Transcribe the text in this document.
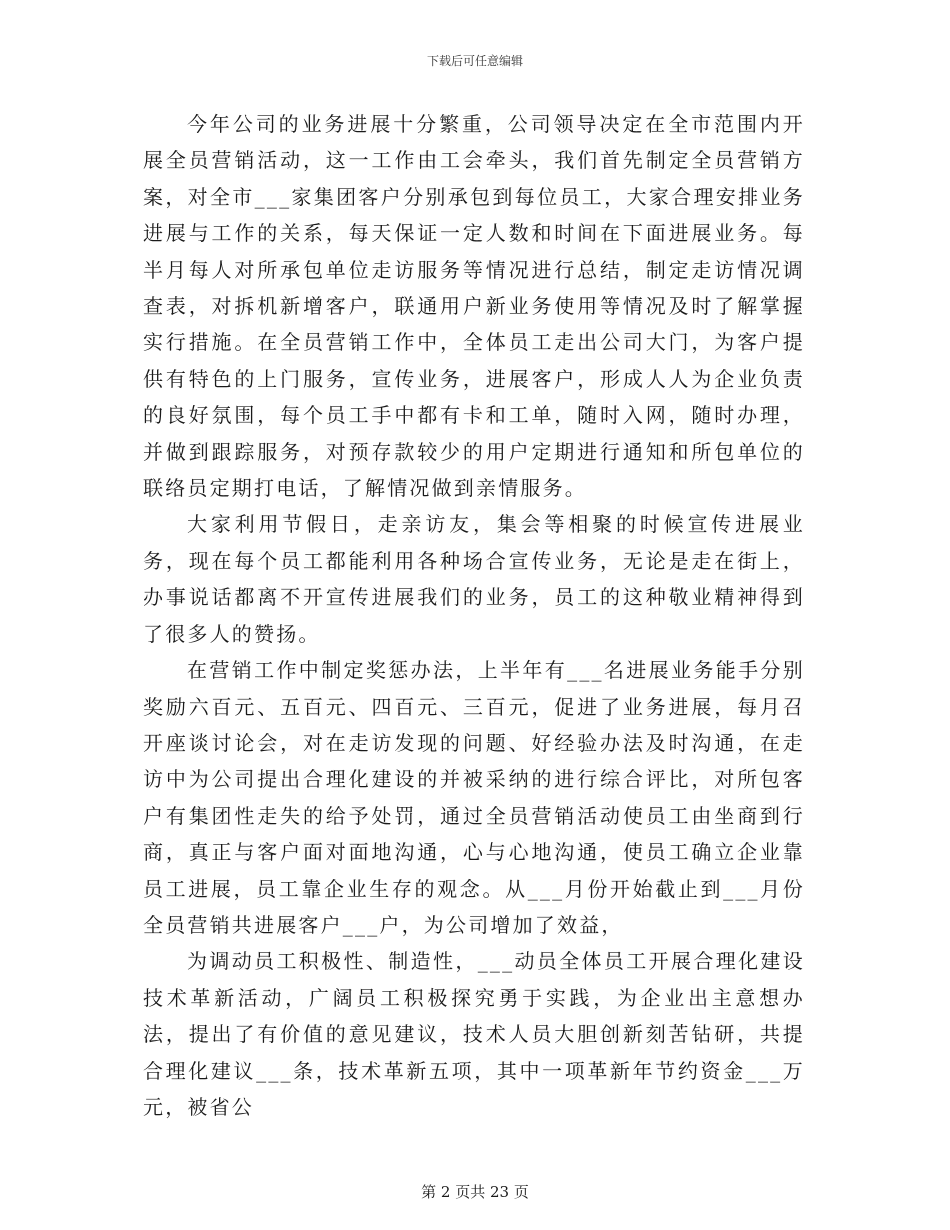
下载后可任意编辑

今年公司的业务进展十分繁重，公司领导决定在全市范围内开展全员营销活动，这一工作由工会牵头，我们首先制定全员营销方案，对全市___家集团客户分别承包到每位员工，大家合理安排业务进展与工作的关系，每天保证一定人数和时间在下面进展业务。每半月每人对所承包单位走访服务等情况进行总结，制定走访情况调查表，对拆机新增客户，联通用户新业务使用等情况及时了解掌握实行措施。在全员营销工作中，全体员工走出公司大门，为客户提供有特色的上门服务，宣传业务，进展客户，形成人人为企业负责的良好氛围，每个员工手中都有卡和工单，随时入网，随时办理，并做到跟踪服务，对预存款较少的用户定期进行通知和所包单位的联络员定期打电话，了解情况做到亲情服务。

大家利用节假日，走亲访友，集会等相聚的时候宣传进展业务，现在每个员工都能利用各种场合宣传业务，无论是走在街上，办事说话都离不开宣传进展我们的业务，员工的这种敬业精神得到了很多人的赞扬。

在营销工作中制定奖惩办法，上半年有___名进展业务能手分别奖励六百元、五百元、四百元、三百元，促进了业务进展，每月召开座谈讨论会，对在走访发现的问题、好经验办法及时沟通，在走访中为公司提出合理化建设的并被采纳的进行综合评比，对所包客户有集团性走失的给予处罚，通过全员营销活动使员工由坐商到行商，真正与客户面对面地沟通，心与心地沟通，使员工确立企业靠员工进展，员工靠企业生存的观念。从___月份开始截止到___月份全员营销共进展客户___户，为公司增加了效益，

为调动员工积极性、制造性，___动员全体员工开展合理化建设技术革新活动，广阔员工积极探究勇于实践，为企业出主意想办法，提出了有价值的意见建议，技术人员大胆创新刻苦钻研，共提合理化建议___条，技术革新五项，其中一项革新年节约资金___万元，被省公

第 2 页共 23 页
